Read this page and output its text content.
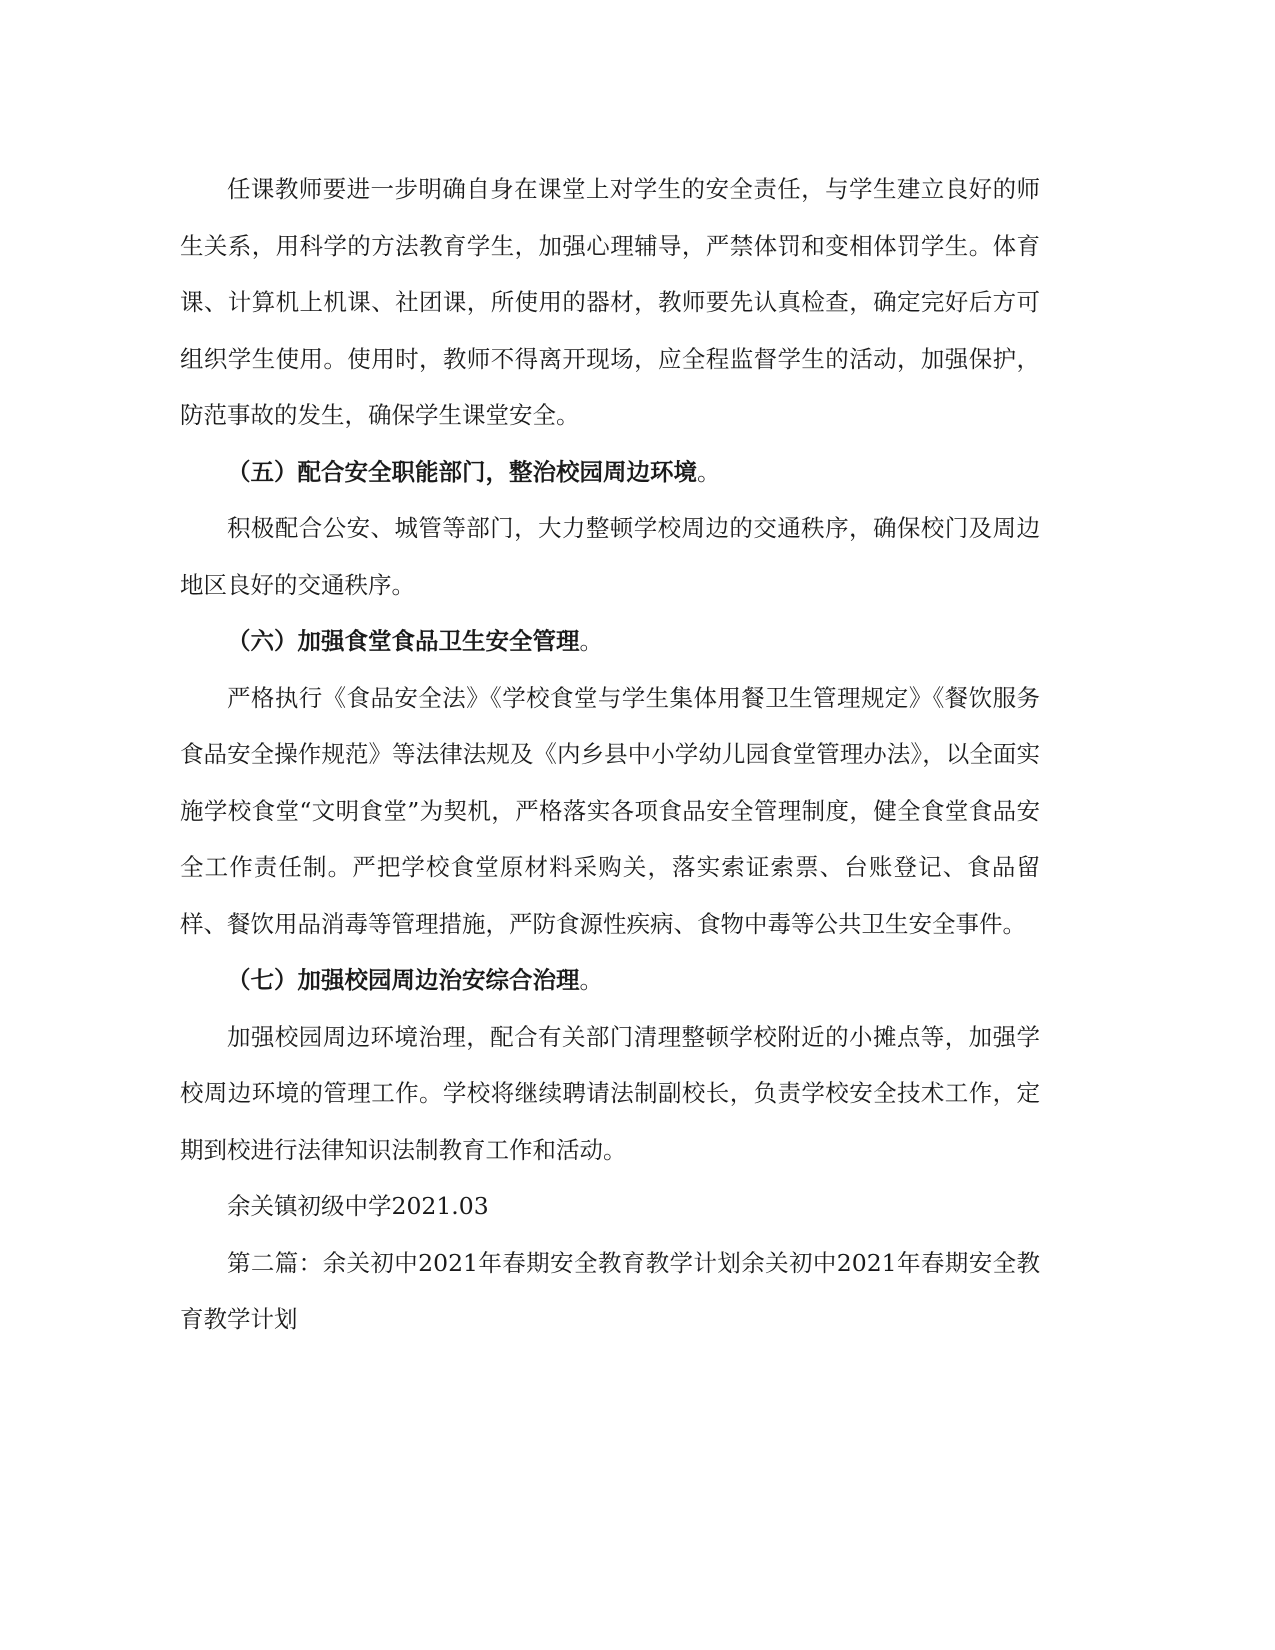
任课教师要进一步明确自身在课堂上对学生的安全责任，与学生建立良好的师生关系，用科学的方法教育学生，加强心理辅导，严禁体罚和变相体罚学生。体育课、计算机上机课、社团课，所使用的器材，教师要先认真检查，确定完好后方可组织学生使用。使用时，教师不得离开现场，应全程监督学生的活动，加强保护，防范事故的发生，确保学生课堂安全。

（五）配合安全职能部门，整治校园周边环境。

积极配合公安、城管等部门，大力整顿学校周边的交通秩序，确保校门及周边地区良好的交通秩序。

（六）加强食堂食品卫生安全管理。

严格执行《食品安全法》《学校食堂与学生集体用餐卫生管理规定》《餐饮服务食品安全操作规范》等法律法规及《内乡县中小学幼儿园食堂管理办法》，以全面实施学校食堂“文明食堂”为契机，严格落实各项食品安全管理制度，健全食堂食品安全工作责任制。严把学校食堂原材料采购关，落实索证索票、台账登记、食品留样、餐饮用品消毒等管理措施，严防食源性疾病、食物中毒等公共卫生安全事件。

（七）加强校园周边治安综合治理。

加强校园周边环境治理，配合有关部门清理整顿学校附近的小摊点等，加强学校周边环境的管理工作。学校将继续聘请法制副校长，负责学校安全技术工作，定期到校进行法律知识法制教育工作和活动。

余关镇初级中学2021.03

第二篇：余关初中2021年春期安全教育教学计划余关初中2021年春期安全教育教学计划
